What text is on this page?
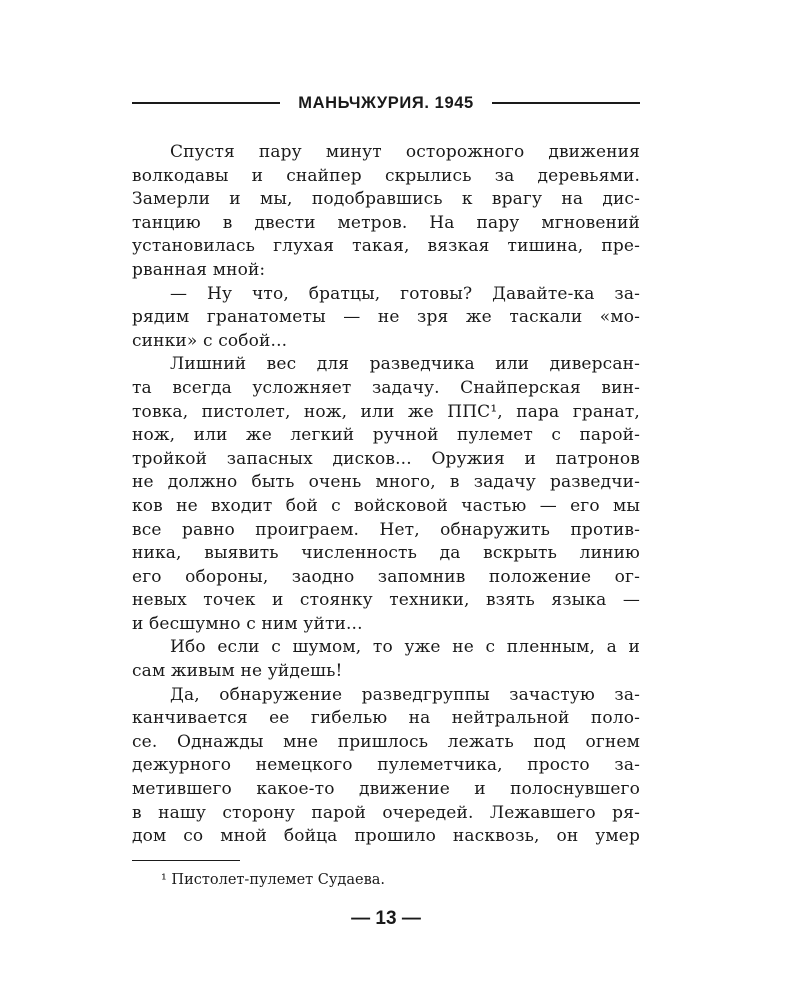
МАНЬЧЖУРИЯ. 1945
Спустя пару минут осторожного движения
волкодавы и снайпер скрылись за деревьями.
Замерли и мы, подобравшись к врагу на дис-
танцию в двести метров. На пару мгновений
установилась глухая такая, вязкая тишина, пре-
рванная мной:
— Ну что, братцы, готовы? Давайте-ка за-
рядим гранатометы — не зря же таскали «мо-
синки» с собой...
Лишний вес для разведчика или диверсан-
та всегда усложняет задачу. Снайперская вин-
товка, пистолет, нож, или же ППС¹, пара гранат,
нож, или же легкий ручной пулемет с парой-
тройкой запасных дисков... Оружия и патронов
не должно быть очень много, в задачу разведчи-
ков не входит бой с войсковой частью — его мы
все равно проиграем. Нет, обнаружить против-
ника, выявить численность да вскрыть линию
его обороны, заодно запомнив положение ог-
невых точек и стоянку техники, взять языка —
и бесшумно с ним уйти...
Ибо если с шумом, то уже не с пленным, а и
сам живым не уйдешь!
Да, обнаружение разведгруппы зачастую за-
канчивается ее гибелью на нейтральной поло-
се. Однажды мне пришлось лежать под огнем
дежурного немецкого пулеметчика, просто за-
метившего какое-то движение и полоснувшего
в нашу сторону парой очередей. Лежавшего ря-
дом со мной бойца прошило насквозь, он умер
¹ Пистолет-пулемет Судаева.
— 13 —
